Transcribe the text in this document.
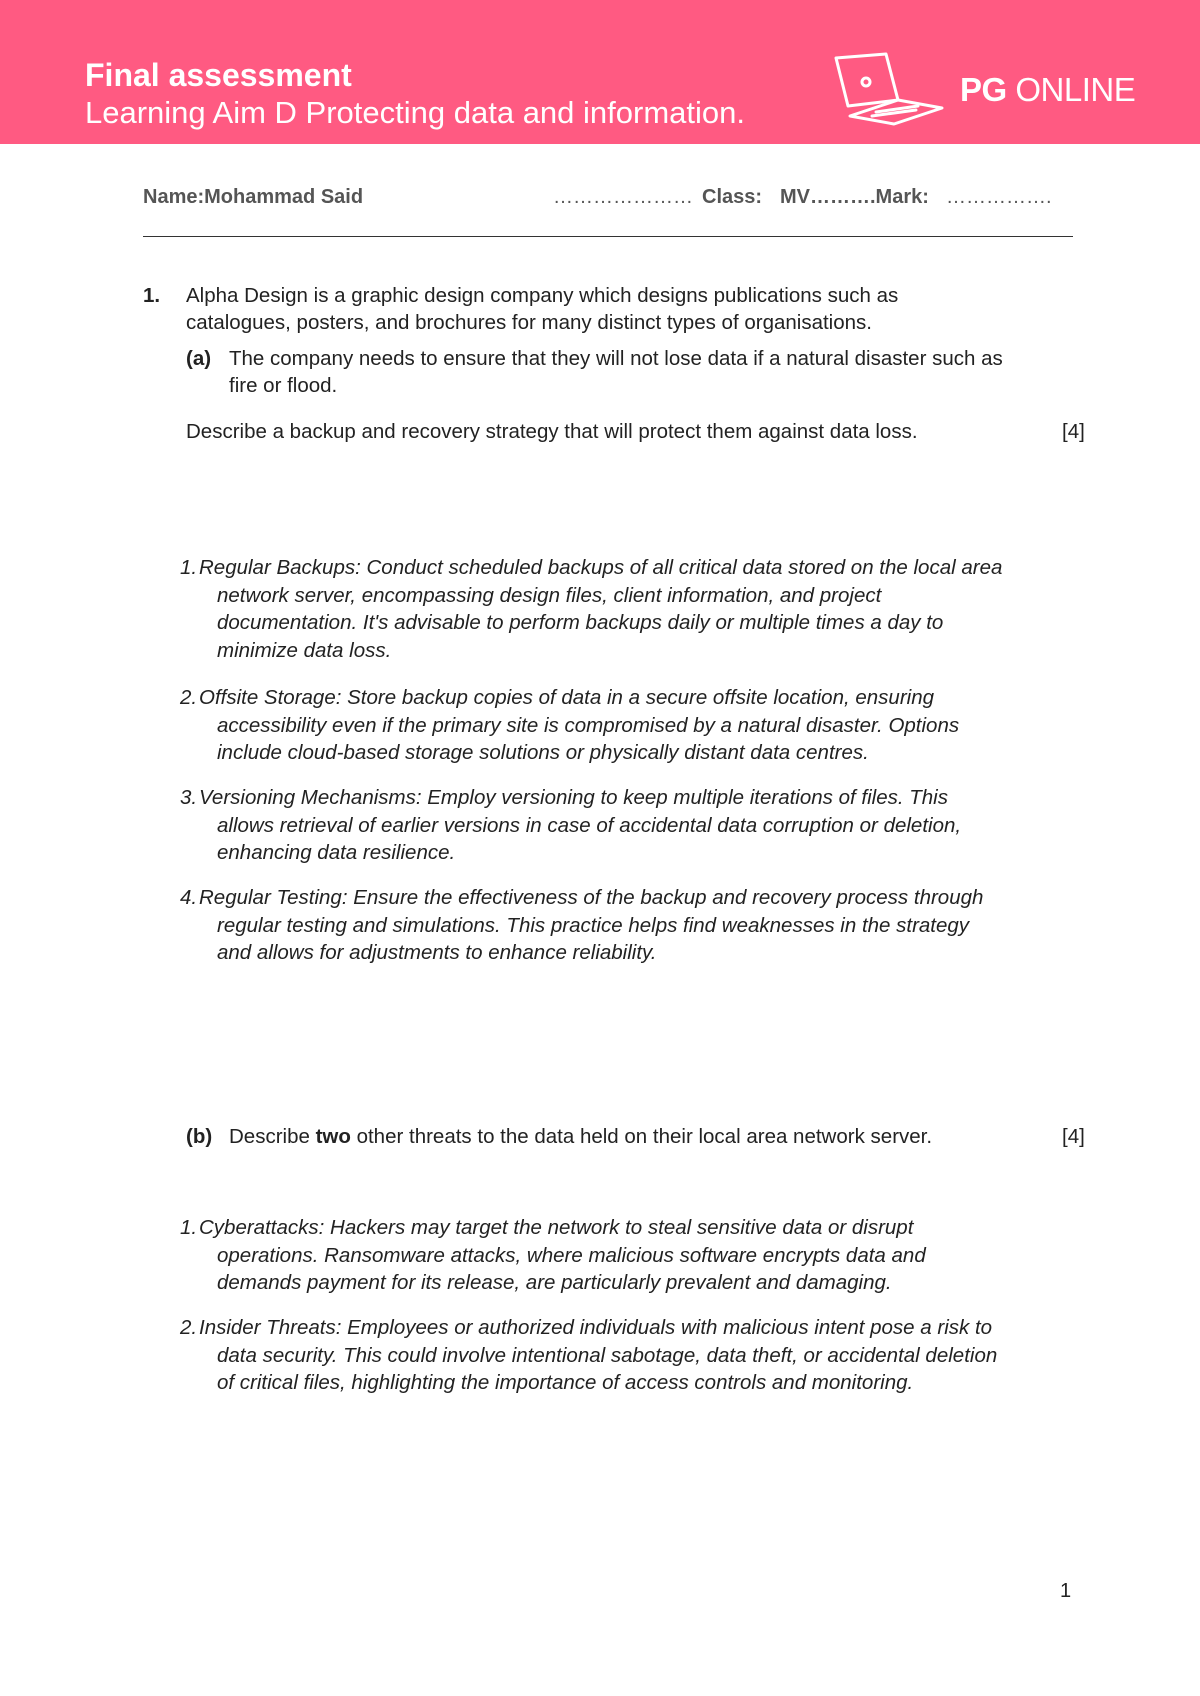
Final assessment
Learning Aim D Protecting data and information.
PG ONLINE
Name:Mohammad Said	………………… Class: MV……….Mark: …………….
1. Alpha Design is a graphic design company which designs publications such as
catalogues, posters, and brochures for many distinct types of organisations.
(a) The company needs to ensure that they will not lose data if a natural disaster such as
fire or flood.
Describe a backup and recovery strategy that will protect them against data loss.	[4]
1.Regular Backups: Conduct scheduled backups of all critical data stored on the local area
network server, encompassing design files, client information, and project
documentation. It's advisable to perform backups daily or multiple times a day to
minimize data loss.
2.Offsite Storage: Store backup copies of data in a secure offsite location, ensuring
accessibility even if the primary site is compromised by a natural disaster. Options
include cloud-based storage solutions or physically distant data centres.
3.Versioning Mechanisms: Employ versioning to keep multiple iterations of files. This
allows retrieval of earlier versions in case of accidental data corruption or deletion,
enhancing data resilience.
4.Regular Testing: Ensure the effectiveness of the backup and recovery process through
regular testing and simulations. This practice helps find weaknesses in the strategy
and allows for adjustments to enhance reliability.
(b) Describe two other threats to the data held on their local area network server.	[4]
1.Cyberattacks: Hackers may target the network to steal sensitive data or disrupt
operations. Ransomware attacks, where malicious software encrypts data and
demands payment for its release, are particularly prevalent and damaging.
2.Insider Threats: Employees or authorized individuals with malicious intent pose a risk to
data security. This could involve intentional sabotage, data theft, or accidental deletion
of critical files, highlighting the importance of access controls and monitoring.
1
